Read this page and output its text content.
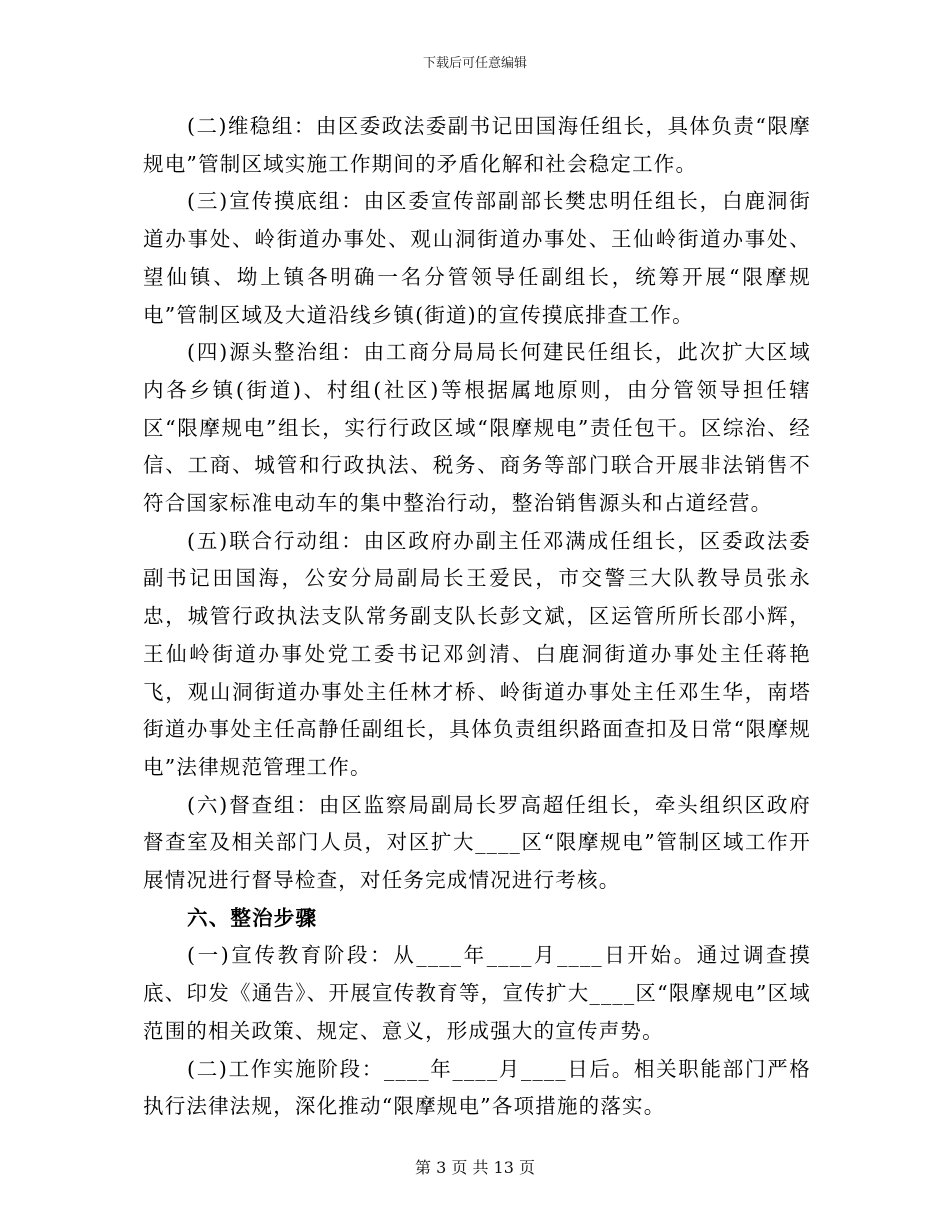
下载后可任意编辑

(二)维稳组：由区委政法委副书记田国海任组长，具体负责“限摩规电”管制区域实施工作期间的矛盾化解和社会稳定工作。

(三)宣传摸底组：由区委宣传部副部长樊忠明任组长，白鹿洞街道办事处、岭街道办事处、观山洞街道办事处、王仙岭街道办事处、望仙镇、坳上镇各明确一名分管领导任副组长，统筹开展“限摩规电”管制区域及大道沿线乡镇(街道)的宣传摸底排查工作。

(四)源头整治组：由工商分局局长何建民任组长，此次扩大区域内各乡镇(街道)、村组(社区)等根据属地原则，由分管领导担任辖区“限摩规电”组长，实行行政区域“限摩规电”责任包干。区综治、经信、工商、城管和行政执法、税务、商务等部门联合开展非法销售不符合国家标准电动车的集中整治行动，整治销售源头和占道经营。

(五)联合行动组：由区政府办副主任邓满成任组长，区委政法委副书记田国海，公安分局副局长王爱民，市交警三大队教导员张永忠，城管行政执法支队常务副支队长彭文斌，区运管所所长邵小辉，王仙岭街道办事处党工委书记邓剑清、白鹿洞街道办事处主任蒋艳飞，观山洞街道办事处主任林才桥、岭街道办事处主任邓生华，南塔街道办事处主任高静任副组长，具体负责组织路面查扣及日常“限摩规电”法律规范管理工作。

(六)督查组：由区监察局副局长罗高超任组长，牵头组织区政府督查室及相关部门人员，对区扩大____区“限摩规电”管制区域工作开展情况进行督导检查，对任务完成情况进行考核。

六、整治步骤

(一)宣传教育阶段：从____年____月____日开始。通过调查摸底、印发《通告》、开展宣传教育等，宣传扩大____区“限摩规电”区域范围的相关政策、规定、意义，形成强大的宣传声势。

(二)工作实施阶段：____年____月____日后。相关职能部门严格执行法律法规，深化推动“限摩规电”各项措施的落实。

第 3 页 共 13 页
